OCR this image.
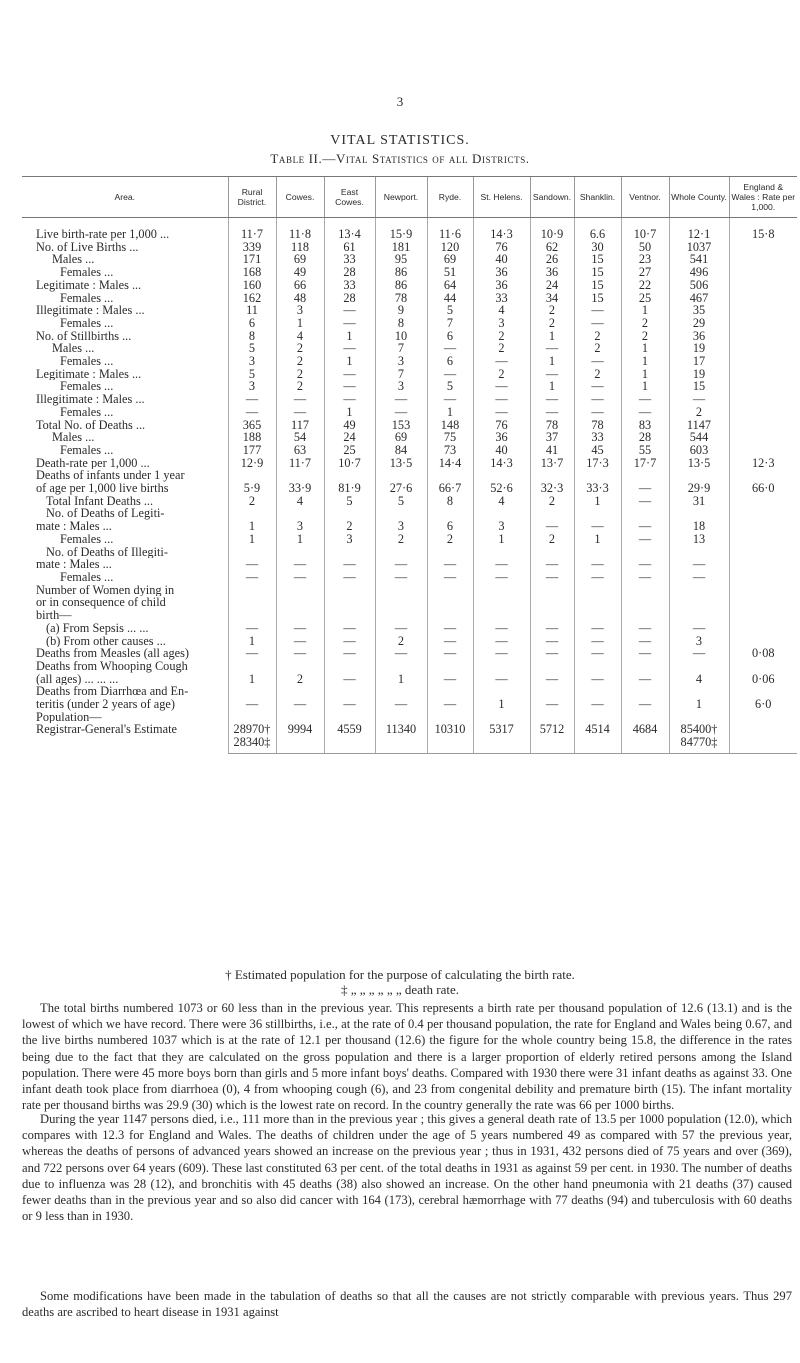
3
VITAL STATISTICS.
Table II.—Vital Statistics of all Districts.
Area.	Rural District.	Cowes.	East Cowes.	Newport.	Ryde.	St. Helens.	Sandown.	Shanklin.	Ventnor.	Whole County.	England & Wales : Rate per 1,000.
Live birth-rate per 1,000 ...	11·7	11·8	13·4	15·9	11·6	14·3	10·9	6.6	10·7	12·1	15·8
No. of Live Births ...	339	118	61	181	120	76	62	30	50	1037	
Males ...	171	69	33	95	69	40	26	15	23	541	
Females ...	168	49	28	86	51	36	36	15	27	496	
Legitimate : Males ...	160	66	33	86	64	36	24	15	22	506	
Females ...	162	48	28	78	44	33	34	15	25	467	
Illegitimate : Males ...	11	3	—	9	5	4	2	—	1	35	
Females ...	6	1	—	8	7	3	2	—	2	29	
No. of Stillbirths ...	8	4	1	10	6	2	1	2	2	36	
Males ...	5	2	—	7	—	2	—	2	1	19	
Females ...	3	2	1	3	6	—	1	—	1	17	
Legitimate : Males ...	5	2	—	7	—	2	—	2	1	19	
Females ...	3	2	—	3	5	—	1	—	1	15	
Illegitimate : Males ...	—	—	—	—	—	—	—	—	—	—	
Females ...	—	—	1	—	1	—	—	—	—	2	
Total No. of Deaths ...	365	117	49	153	148	76	78	78	83	1147	
Males ...	188	54	24	69	75	36	37	33	28	544	
Females ...	177	63	25	84	73	40	41	45	55	603	
Death-rate per 1,000 ...	12·9	11·7	10·7	13·5	14·4	14·3	13·7	17·3	17·7	13·5	12·3
Deaths of infants under 1 year											
of age per 1,000 live births	5·9	33·9	81·9	27·6	66·7	52·6	32·3	33·3	—	29·9	66·0
Total Infant Deaths ...	2	4	5	5	8	4	2	1	—	31	
No. of Deaths of Legiti-											
mate : Males ...	1	3	2	3	6	3	—	—	—	18	
Females ...	1	1	3	2	2	1	2	1	—	13	
No. of Deaths of Illegiti-											
mate : Males ...	—	—	—	—	—	—	—	—	—	—	
Females ...	—	—	—	—	—	—	—	—	—	—	
Number of Women dying in											
or in consequence of child											
birth—											
(a) From Sepsis ... ...	—	—	—	—	—	—	—	—	—	—	
(b) From other causes ...	1	—	—	2	—	—	—	—	—	3	
Deaths from Measles (all ages)	—	—	—	—	—	—	—	—	—	—	0·08
Deaths from Whooping Cough											
(all ages) ... ... ...	1	2	—	1	—	—	—	—	—	4	0·06
Deaths from Diarrhœa and En-											
teritis (under 2 years of age)	—	—	—	—	—	1	—	—	—	1	6·0
Population—											
Registrar-General's Estimate	28970†	9994	4559	11340	10310	5317	5712	4514	4684	85400†	
	28340‡									84770‡	
† Estimated population for the purpose of calculating the birth rate.
‡ „ „ „ „ „ „ death rate.

The total births numbered 1073 or 60 less than in the previous year. This represents a birth rate per thousand population of 12.6 (13.1) and is the lowest of which we have record. There were 36 stillbirths, i.e., at the rate of 0.4 per thousand population, the rate for England and Wales being 0.67, and the live births numbered 1037 which is at the rate of 12.1 per thousand (12.6) the figure for the whole country being 15.8, the difference in the rates being due to the fact that they are calculated on the gross population and there is a larger proportion of elderly retired persons among the Island population. There were 45 more boys born than girls and 5 more infant boys' deaths. Compared with 1930 there were 31 infant deaths as against 33. One infant death took place from diarrhoea (0), 4 from whooping cough (6), and 23 from congenital debility and premature birth (15). The infant mortality rate per thousand births was 29.9 (30) which is the lowest rate on record. In the country generally the rate was 66 per 1000 births.

During the year 1147 persons died, i.e., 111 more than in the previous year ; this gives a general death rate of 13.5 per 1000 population (12.0), which compares with 12.3 for England and Wales. The deaths of children under the age of 5 years numbered 49 as compared with 57 the previous year, whereas the deaths of persons of advanced years showed an increase on the previous year ; thus in 1931, 432 persons died of 75 years and over (369), and 722 persons over 64 years (609). These last constituted 63 per cent. of the total deaths in 1931 as against 59 per cent. in 1930. The number of deaths due to influenza was 28 (12), and bronchitis with 45 deaths (38) also showed an increase. On the other hand pneumonia with 21 deaths (37) caused fewer deaths than in the previous year and so also did cancer with 164 (173), cerebral hæmorrhage with 77 deaths (94) and tuberculosis with 60 deaths or 9 less than in 1930.

Some modifications have been made in the tabulation of deaths so that all the causes are not strictly comparable with previous years. Thus 297 deaths are ascribed to heart disease in 1931 against
